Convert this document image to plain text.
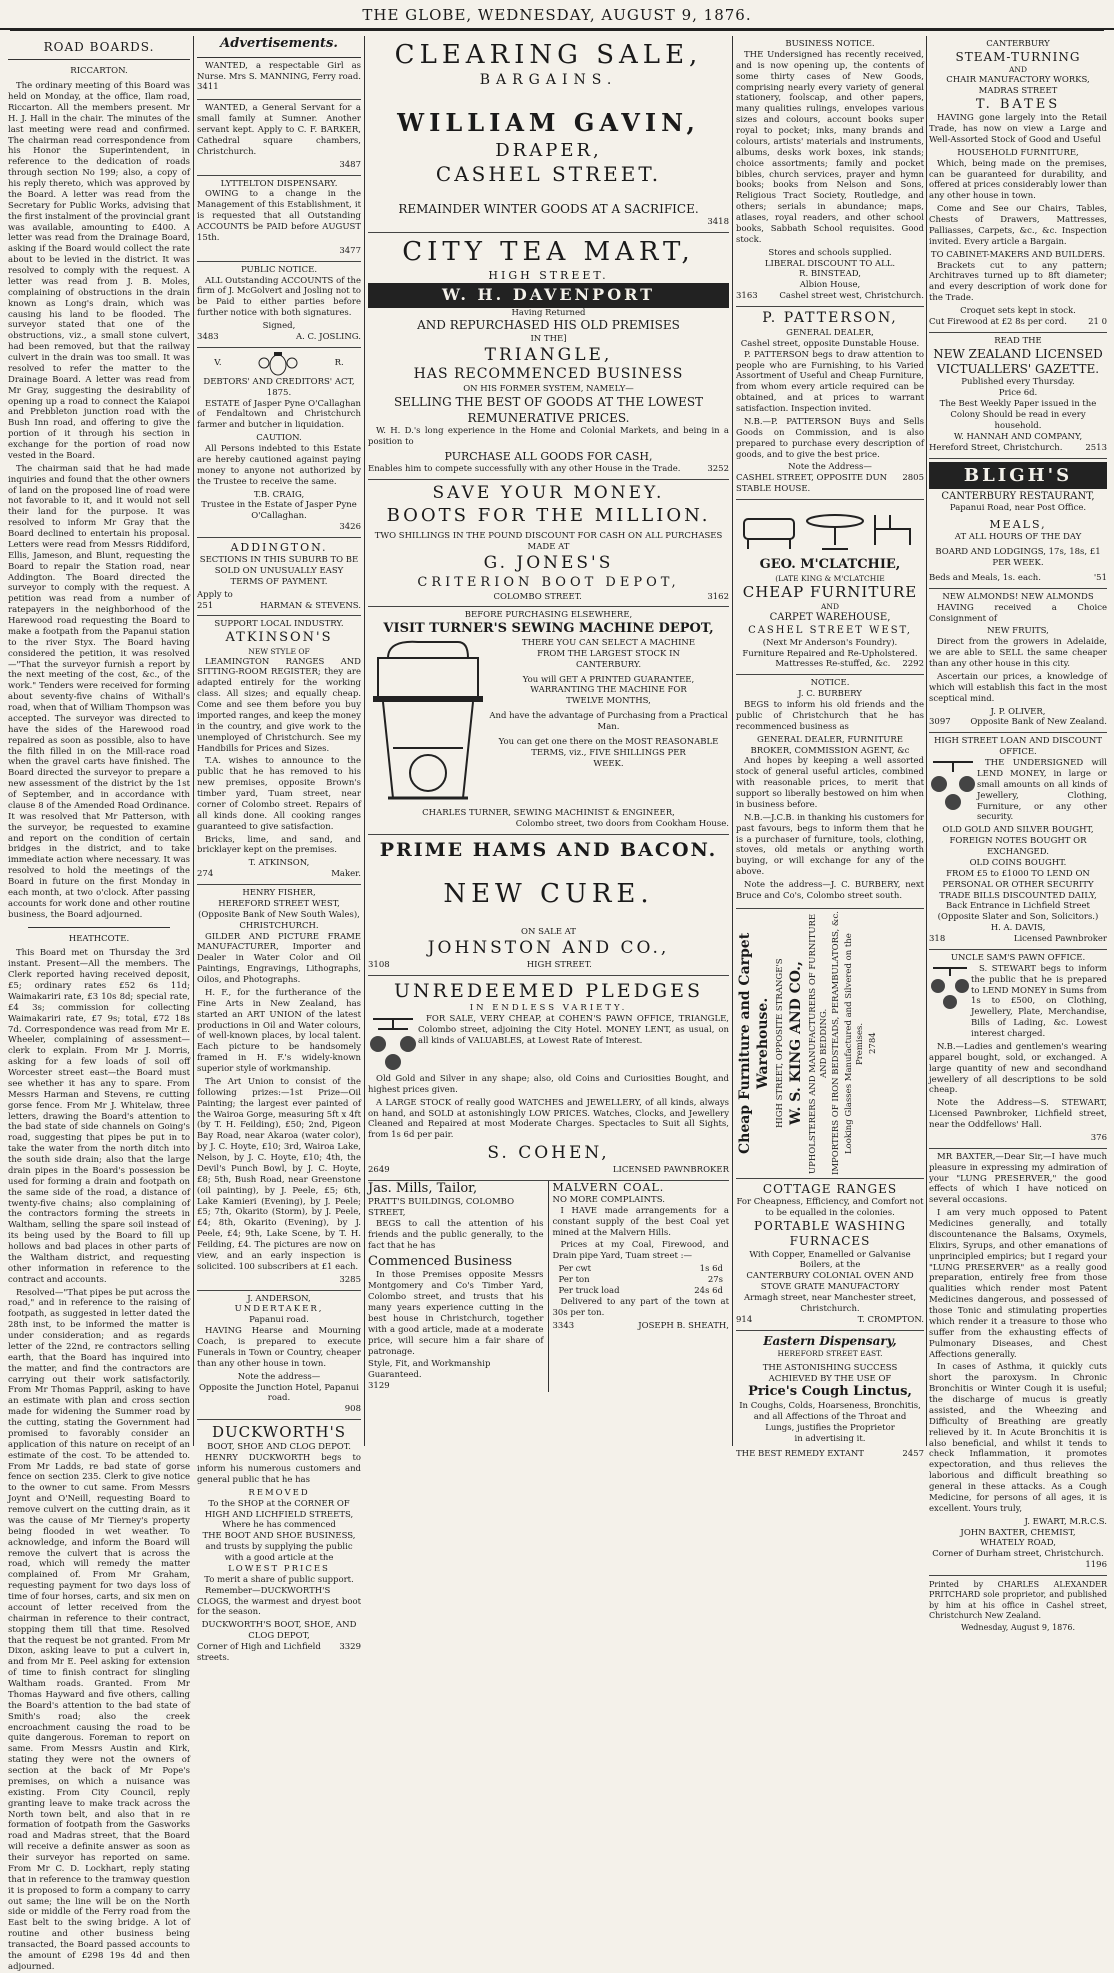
THE GLOBE, WEDNESDAY, AUGUST 9, 1876.
ROAD BOARDS.
RICCARTON.

The ordinary meeting of this Board was held on Monday, at the office, Ilam road, Riccarton. All the members present. Mr H. J. Hall in the chair. The minutes of the last meeting were read and confirmed. The chairman read correspondence from his Honor the Superintendent, in reference to the dedication of roads through section No 199; also, a copy of his reply thereto, which was approved by the Board. A letter was read from the Secretary for Public Works, advising that the first instalment of the provincial grant was available, amounting to £400. A letter was read from the Drainage Board, asking if the Board would collect the rate about to be levied in the district. It was resolved to comply with the request. A letter was read from J. B. Moles, complaining of obstructions in the drain known as Long's drain, which was causing his land to be flooded. The surveyor stated that one of the obstructions, viz., a small stone culvert, had been removed, but that the railway culvert in the drain was too small. It was resolved to refer the matter to the Drainage Board. A letter was read from Mr Gray, suggesting the desirability of opening up a road to connect the Kaiapoi and Prebbleton junction road with the Bush Inn road, and offering to give the portion of it through his section in exchange for the portion of road now vested in the Board.

The chairman said that he had made inquiries and found that the other owners of land on the proposed line of road were not favorable to it, and it would not sell their land for the purpose. It was resolved to inform Mr Gray that the Board declined to entertain his proposal. Letters were read from Messrs Riddiford, Ellis, Jameson, and Blunt, requesting the Board to repair the Station road, near Addington. The Board directed the surveyor to comply with the request. A petition was read from a number of ratepayers in the neighborhood of the Harewood road requesting the Board to make a footpath from the Papanui station to the river Styx. The Board having considered the petition, it was resolved—"That the surveyor furnish a report by the next meeting of the cost, &c., of the work." Tenders were received for forming about seventy-five chains of Withall's road, when that of William Thompson was accepted. The surveyor was directed to have the sides of the Harewood road repaired as soon as possible, also to have the filth filled in on the Mill-race road when the gravel carts have finished. The Board directed the surveyor to prepare a new assessment of the district by the 1st of September, and in accordance with clause 8 of the Amended Road Ordinance. It was resolved that Mr Patterson, with the surveyor, be requested to examine and report on the condition of certain bridges in the district, and to take immediate action where necessary. It was resolved to hold the meetings of the Board in future on the first Monday in each month, at two o'clock. After passing accounts for work done and other routine business, the Board adjourned.

HEATHCOTE.

This Board met on Thursday the 3rd instant. Present—All the members. The Clerk reported having received deposit, £5; ordinary rates £52 6s 11d; Waimakariri rate, £3 10s 8d; special rate, £4 3s; commission for collecting Waimakariri rate, £7 9s; total, £72 18s 7d. Correspondence was read from Mr E. Wheeler, complaining of assessment—clerk to explain. From Mr J. Morris, asking for a few loads of soil off Worcester street east—the Board must see whether it has any to spare. From Messrs Harman and Stevens, re cutting gorse fence. From Mr J. Whitelaw, three letters, drawing the Board's attention to the bad state of side channels on Going's road, suggesting that pipes be put in to take the water from the north ditch into the south side drain; also that the large drain pipes in the Board's possession be used for forming a drain and footpath on the same side of the road, a distance of twenty-five chains; also complaining of the contractors forming the streets in Waltham, selling the spare soil instead of its being used by the Board to fill up hollows and bad places in other parts of the Waltham district, and requesting other information in reference to the contract and accounts.

Resolved—"That pipes be put across the road," and in reference to the raising of footpath, as suggested in letter dated the 28th inst, to be informed the matter is under consideration; and as regards letter of the 22nd, re contractors selling earth, that the Board has inquired into the matter, and find the contractors are carrying out their work satisfactorily. From Mr Thomas Pappril, asking to have an estimate with plan and cross section made for widening the Summer road by the cutting, stating the Government had promised to favorably consider an application of this nature on receipt of an estimate of the cost. To be attended to. From Mr Ladds, re bad state of gorse fence on section 235. Clerk to give notice to the owner to cut same. From Messrs Joynt and O'Neill, requesting Board to remove culvert on the cutting drain, as it was the cause of Mr Tierney's property being flooded in wet weather. To acknowledge, and inform the Board will remove the culvert that is across the road, which will remedy the matter complained of. From Mr Graham, requesting payment for two days loss of time of four horses, carts, and six men on account of letter received from the chairman in reference to their contract, stopping them till that time. Resolved that the request be not granted. From Mr Dixon, asking leave to put a culvert in, and from Mr E. Peel asking for extension of time to finish contract for slingling Waltham roads. Granted. From Mr Thomas Hayward and five others, calling the Board's attention to the bad state of Smith's road; also the creek encroachment causing the road to be quite dangerous. Foreman to report on same. From Messrs Austin and Kirk, stating they were not the owners of section at the back of Mr Pope's premises, on which a nuisance was existing. From City Council, reply granting leave to make track across the North town belt, and also that in re formation of footpath from the Gasworks road and Madras street, that the Board will receive a definite answer as soon as their surveyor has reported on same. From Mr C. D. Lockhart, reply stating that in reference to the tramway question it is proposed to form a company to carry out same; the line will be on the North side or middle of the Ferry road from the East belt to the swing bridge. A lot of routine and other business being transacted, the Board passed accounts to the amount of £298 19s 4d and then adjourned.

Advertisements.

WANTED, a respectable Girl as Nurse. Mrs S. MANNING, Ferry road. 3411

WANTED, a General Servant for a small family at Sumner. Another servant kept. Apply to C. F. BARKER, Cathedral square chambers, Christchurch.

3487
LYTTELTON DISPENSARY.

OWING to a change in the Management of this Establishment, it is requested that all Outstanding ACCOUNTS be PAID before AUGUST 15th.

3477
PUBLIC NOTICE.

ALL Outstanding ACCOUNTS of the firm of J. McGolvert and Josling not to be Paid to either parties before further notice with both signatures.

Signed,
3483	A. C. JOSLING.
V.	R.
DEBTORS' AND CREDITORS' ACT, 1875.

ESTATE of Jasper Pyne O'Callaghan of Fendaltown and Christchurch farmer and butcher in liquidation.

CAUTION.

All Persons indebted to this Estate are hereby cautioned against paying money to anyone not authorized by the Trustee to receive the same.

T.B. CRAIG,
Trustee in the Estate of Jasper Pyne O'Callaghan.
3426
ADDINGTON.

SECTIONS IN THIS SUBURB TO BE SOLD ON UNUSUALLY EASY TERMS OF PAYMENT.

Apply to
251	HARMAN & STEVENS.
SUPPORT LOCAL INDUSTRY.
ATKINSON'S
NEW STYLE OF

LEAMINGTON RANGES AND SITTING-ROOM REGISTER; they are adapted entirely for the working class. All sizes; and equally cheap. Come and see them before you buy imported ranges, and keep the money in the country, and give work to the unemployed of Christchurch. See my Handbills for Prices and Sizes.

T.A. wishes to announce to the public that he has removed to his new premises, opposite Brown's timber yard, Tuam street, near corner of Colombo street. Repairs of all kinds done. All cooking ranges guaranteed to give satisfaction.

Bricks, lime, and sand, and bricklayer kept on the premises.

T. ATKINSON,
274	Maker.
HENRY FISHER,
HEREFORD STREET WEST,
(Opposite Bank of New South Wales),
CHRISTCHURCH.

GILDER AND PICTURE FRAME MANUFACTURER, Importer and Dealer in Water Color and Oil Paintings, Engravings, Lithographs, Oilos, and Photographs.

H. F., for the furtherance of the Fine Arts in New Zealand, has started an ART UNION of the latest productions in Oil and Water colours, of well-known places, by local talent. Each picture to be handsomely framed in H. F.'s widely-known superior style of workmanship.

The Art Union to consist of the following prizes:—1st Prize—Oil Painting; the largest ever painted of the Wairoa Gorge, measuring 5ft x 4ft (by T. H. Feilding), £50; 2nd, Pigeon Bay Road, near Akaroa (water color), by J. C. Hoyte, £10; 3rd, Wairoa Lake, Nelson, by J. C. Hoyte, £10; 4th, the Devil's Punch Bowl, by J. C. Hoyte, £8; 5th, Bush Road, near Greenstone (oil painting), by J. Peele, £5; 6th, Lake Kamieri (Evening), by J. Peele; £5; 7th, Okarito (Storm), by J. Peele, £4; 8th, Okarito (Evening), by J. Peele, £4; 9th, Lake Scene, by T. H. Feilding, £4. The pictures are now on view, and an early inspection is solicited. 100 subscribers at £1 each.

3285
J. ANDERSON,
UNDERTAKER,
Papanui road.

HAVING Hearse and Mourning Coach, is prepared to execute Funerals in Town or Country, cheaper than any other house in town.

Note the address—
Opposite the Junction Hotel, Papanui road.
908
DUCKWORTH'S
BOOT, SHOE AND CLOG DEPOT.

HENRY DUCKWORTH begs to inform his numerous customers and general public that he has

REMOVED
To the SHOP at the CORNER OF HIGH AND LICHFIELD STREETS,
Where he has commenced
THE BOOT AND SHOE BUSINESS,
and trusts by supplying the public with a good article at the
LOWEST PRICES
To merit a share of public support.

Remember—DUCKWORTH'S CLOGS, the warmest and dryest boot for the season.

DUCKWORTH'S BOOT, SHOE, AND CLOG DEPOT,
Corner of High and Lichfield streets.
3329
CLEARING SALE,
BARGAINS.
WILLIAM GAVIN,
DRAPER,
CASHEL STREET.
REMAINDER WINTER GOODS AT A SACRIFICE.
3418
CITY TEA MART,
HIGH STREET.
W. H. DAVENPORT
Having Returned
AND REPURCHASED HIS OLD PREMISES
IN THE]
TRIANGLE,
HAS RECOMMENCED BUSINESS
ON HIS FORMER SYSTEM, NAMELY—
SELLING THE BEST OF GOODS AT THE LOWEST
REMUNERATIVE PRICES.

W. H. D.'s long experience in the Home and Colonial Markets, and being in a position to

PURCHASE ALL GOODS FOR CASH,
Enables him to compete successfully with any other House in the Trade.	3252
SAVE YOUR MONEY.
BOOTS FOR THE MILLION.
TWO SHILLINGS IN THE POUND DISCOUNT FOR CASH ON ALL PURCHASES MADE AT
G. JONES'S
CRITERION BOOT DEPOT,
COLOMBO STREET.	3162
BEFORE PURCHASING ELSEWHERE,
VISIT TURNER'S SEWING MACHINE DEPOT,
THERE YOU CAN SELECT A MACHINE
FROM THE LARGEST STOCK IN
CANTERBURY.
You will GET A PRINTED GUARANTEE,
WARRANTING THE MACHINE FOR
TWELVE MONTHS,
And have the advantage of Purchasing from a Practical Man.
You can get one there on the MOST REASONABLE
TERMS, viz., FIVE SHILLINGS PER
WEEK.
CHARLES TURNER, SEWING MACHINIST & ENGINEER,
Colombo street, two doors from Cookham House.
PRIME HAMS AND BACON.
NEW CURE.
ON SALE AT
JOHNSTON AND CO.,
3108	HIGH STREET.
UNREDEEMED PLEDGES
IN ENDLESS VARIETY.

FOR SALE, VERY CHEAP, at COHEN'S PAWN OFFICE, TRIANGLE, Colombo street, adjoining the City Hotel. MONEY LENT, as usual, on all kinds of VALUABLES, at Lowest Rate of Interest.

Old Gold and Silver in any shape; also, old Coins and Curiosities Bought, and highest prices given.

A LARGE STOCK of really good WATCHES and JEWELLERY, of all kinds, always on hand, and SOLD at astonishingly LOW PRICES. Watches, Clocks, and Jewellery Cleaned and Repaired at most Moderate Charges. Spectacles to Suit all Sights, from 1s 6d per pair.

S. COHEN,
2649	LICENSED PAWNBROKER
Jas. Mills, Tailor,
PRATT'S BUILDINGS, COLOMBO STREET,

BEGS to call the attention of his friends and the public generally, to the fact that he has

Commenced Business

In those Premises opposite Messrs Montgomery and Co's Timber Yard, Colombo street, and trusts that his many years experience cutting in the best house in Christchurch, together with a good article, made at a moderate price, will secure him a fair share of patronage.

Style, Fit, and Workmanship Guaranteed.
3129
MALVERN COAL.
NO MORE COMPLAINTS.

I HAVE made arrangements for a constant supply of the best Coal yet mined at the Malvern Hills.

Prices at my Coal, Firewood, and Drain pipe Yard, Tuam street :—

Per cwt	1s 6d
Per ton	27s
Per truck load	24s 6d

Delivered to any part of the town at 30s per ton.

3343	JOSEPH B. SHEATH,
BUSINESS NOTICE.

THE Undersigned has recently received, and is now opening up, the contents of some thirty cases of New Goods, comprising nearly every variety of general stationery, foolscap, and other papers, many qualities rulings, envelopes various sizes and colours, account books super royal to pocket; inks, many brands and colours, artists' materials and instruments, albums, desks work boxes, ink stands; choice assortments; family and pocket bibles, church services, prayer and hymn books; books from Nelson and Sons, Religious Tract Society, Routledge, and others; serials in abundance; maps, atlases, royal readers, and other school books, Sabbath School requisites. Good stock.

Stores and schools supplied.
LIBERAL DISCOUNT TO ALL.
R. BINSTEAD,
Albion House,
3163	Cashel street west, Christchurch.
P. PATTERSON,
GENERAL DEALER,
Cashel street, opposite Dunstable House.

P. PATTERSON begs to draw attention to people who are Furnishing, to his Varied Assortment of Useful and Cheap Furniture, from whom every article required can be obtained, and at prices to warrant satisfaction. Inspection invited.

N.B.—P. PATTERSON Buys and Sells Goods on Commission, and is also prepared to purchase every description of goods, and to give the best price.

Note the Address—
CASHEL STREET, OPPOSITE DUN STABLE HOUSE.
2805
GEO. M'CLATCHIE,
(LATE KING & M'CLATCHIE
CHEAP FURNITURE
AND
CARPET WAREHOUSE,
CASHEL STREET WEST,
(Next Mr Anderson's Foundry).
Furniture Repaired and Re-Upholstered.
Mattresses Re-stuffed, &c. 2292
NOTICE.
J. C. BURBERY

BEGS to inform his old friends and the public of Christchurch that he has recommenced business as

GENERAL DEALER, FURNITURE BROKER, COMMISSION AGENT, &c

And hopes by keeping a well assorted stock of general useful articles, combined with reasonable prices, to merit that support so liberally bestowed on him when in business before.

N.B.—J.C.B. in thanking his customers for past favours, begs to inform them that he is a purchaser of furniture, tools, clothing, stoves, old metals or anything worth buying, or will exchange for any of the above.

Note the address—J. C. BURBERY, next Bruce and Co's, Colombo street south.

Cheap Furniture and Carpet Warehouse. HIGH STREET, OPPOSITE STRANGE'S W. S. KING AND CO., UPHOLSTERERS AND MANUFACTURERS OF FURNITURE AND BEDDING. IMPORTERS OF IRON BEDSTEADS, PERAMBULATORS, &c. Looking Glasses Manufactured and Silvered on the Premises. 2784
COTTAGE RANGES
For Cheapness, Efficiency, and Comfort not to be equalled in the colonies.
PORTABLE WASHING FURNACES
With Copper, Enamelled or Galvanise Boilers, at the
CANTERBURY COLONIAL OVEN AND STOVE GRATE MANUFACTORY
Armagh street, near Manchester street, Christchurch.
914	T. CROMPTON.
Eastern Dispensary,
HEREFORD STREET EAST.
THE ASTONISHING SUCCESS
ACHIEVED BY THE USE OF
Price's Cough Linctus,
In Coughs, Colds, Hoarseness, Bronchitis,
and all Affections of the Throat and
Lungs, justifies the Proprietor
in advertising it.
THE BEST REMEDY EXTANT	2457
CANTERBURY
STEAM-TURNING
AND
CHAIR MANUFACTORY WORKS,
MADRAS STREET
T. BATES

HAVING gone largely into the Retail Trade, has now on view a Large and Well-Assorted Stock of Good and Useful

HOUSEHOLD FURNITURE,

Which, being made on the premises, can be guaranteed for durability, and offered at prices considerably lower than any other house in town.

Come and See our Chairs, Tables, Chests of Drawers, Mattresses, Palliasses, Carpets, &c., &c. Inspection invited. Every article a Bargain.

TO CABINET-MAKERS AND BUILDERS.

Brackets cut to any pattern; Architraves turned up to 8ft diameter; and every description of work done for the Trade.

Croquet sets kept in stock.
Cut Firewood at £2 8s per cord. 21 0
READ THE
NEW ZEALAND LICENSED
VICTUALLERS' GAZETTE.
Published every Thursday.
Price 6d.
The Best Weekly Paper issued in the Colony Should be read in every household.
W. HANNAH AND COMPANY,
Hereford Street, Christchurch.	2513
BLIGH'S
CANTERBURY RESTAURANT,
Papanui Road, near Post Office.
MEALS,
AT ALL HOURS OF THE DAY
BOARD AND LODGINGS, 17s, 18s, £1 PER WEEK.
Beds and Meals, 1s. each.	'51
NEW ALMONDS! NEW ALMONDS

HAVING received a Choice Consignment of

NEW FRUITS,

Direct from the growers in Adelaide, we are able to SELL the same cheaper than any other house in this city.

Ascertain our prices, a knowledge of which will establish this fact in the most sceptical mind.

J. P. OLIVER,
3097 Opposite Bank of New Zealand.
HIGH STREET LOAN AND DISCOUNT OFFICE.

THE UNDERSIGNED will LEND MONEY, in large or small amounts on all kinds of Jewellery, Clothing, Furniture, or any other security.

OLD GOLD AND SILVER BOUGHT, FOREIGN NOTES BOUGHT OR EXCHANGED.
OLD COINS BOUGHT.
FROM £5 to £1000 TO LEND ON PERSONAL OR OTHER SECURITY
TRADE BILLS DISCOUNTED DAILY,
Back Entrance in Lichfield Street
(Opposite Slater and Son, Solicitors.)
H. A. DAVIS,
318	Licensed Pawnbroker
UNCLE SAM'S PAWN OFFICE.

S. STEWART begs to inform the public that he is prepared to LEND MONEY in Sums from 1s to £500, on Clothing, Jewellery, Plate, Merchandise, Bills of Lading, &c. Lowest interest charged.

N.B.—Ladies and gentlemen's wearing apparel bought, sold, or exchanged. A large quantity of new and secondhand jewellery of all descriptions to be sold cheap.

Note the Address—S. STEWART, Licensed Pawnbroker, Lichfield street, near the Oddfellows' Hall.

376

MR BAXTER,—Dear Sir,—I have much pleasure in expressing my admiration of your "LUNG PRESERVER," the good effects of which I have noticed on several occasions.

I am very much opposed to Patent Medicines generally, and totally discountenance the Balsams, Oxymels, Elixirs, Syrups, and other emanations of unprincipled empirics; but I regard your "LUNG PRESERVER" as a really good preparation, entirely free from those qualities which render most Patent Medicines dangerous, and possessed of those Tonic and stimulating properties which render it a treasure to those who suffer from the exhausting effects of Pulmonary Diseases, and Chest Affections generally.

In cases of Asthma, it quickly cuts short the paroxysm. In Chronic Bronchitis or Winter Cough it is useful; the discharge of mucus is greatly assisted, and the Wheezing and Difficulty of Breathing are greatly relieved by it. In Acute Bronchitis it is also beneficial, and whilst it tends to check Inflammation, it promotes expectoration, and thus relieves the laborious and difficult breathing so general in these attacks. As a Cough Medicine, for persons of all ages, it is excellent. Yours truly,

J. EWART, M.R.C.S.
JOHN BAXTER, CHEMIST,
WHATELY ROAD,
Corner of Durham street, Christchurch.
1196

Printed by CHARLES ALEXANDER PRITCHARD sole proprietor, and published by him at his office in Cashel street, Christchurch New Zealand.

Wednesday, August 9, 1876.
